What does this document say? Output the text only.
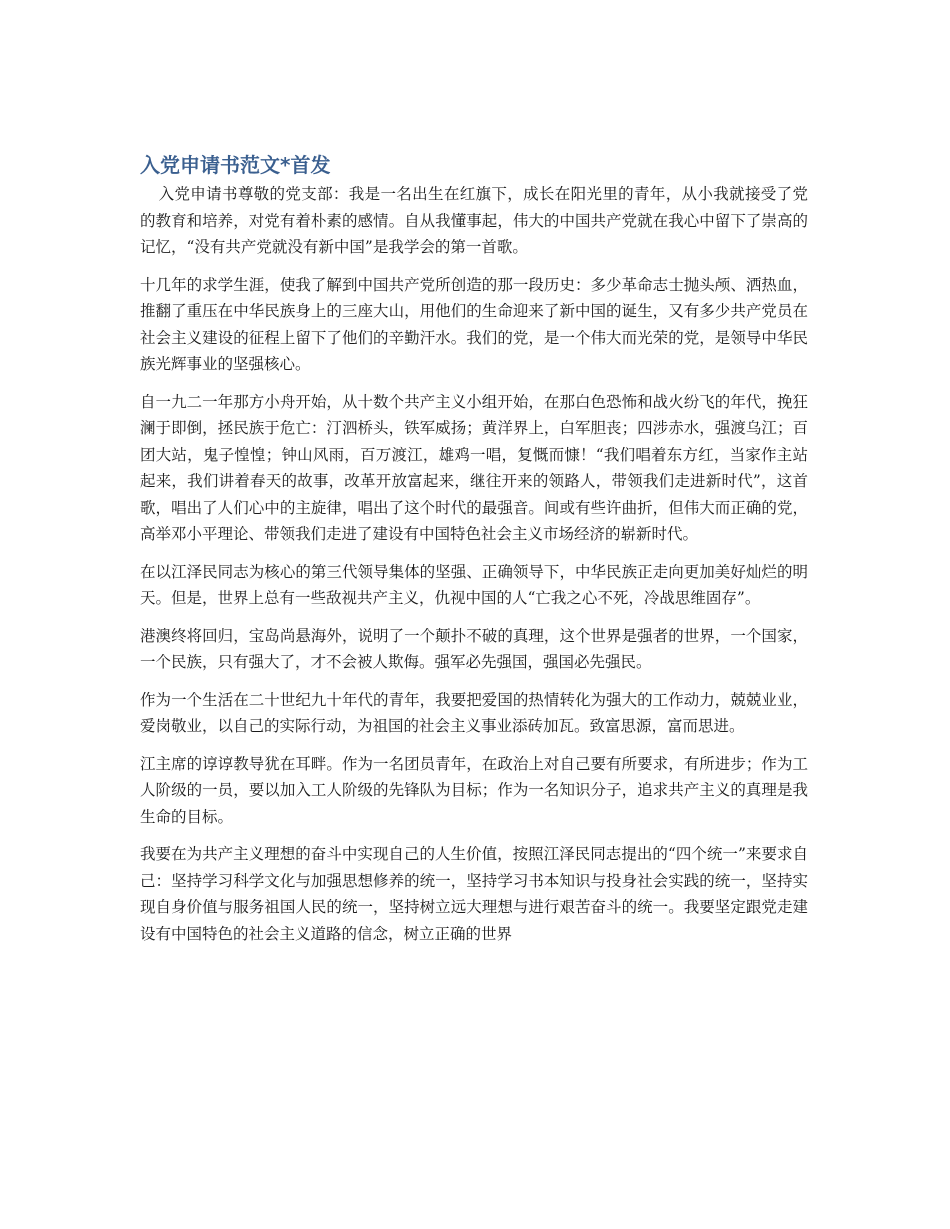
入党申请书范文*首发

入党申请书尊敬的党支部：我是一名出生在红旗下，成长在阳光里的青年，从小我就接受了党的教育和培养，对党有着朴素的感情。自从我懂事起，伟大的中国共产党就在我心中留下了崇高的记忆，“没有共产党就没有新中国”是我学会的第一首歌。

十几年的求学生涯，使我了解到中国共产党所创造的那一段历史：多少革命志士抛头颅、洒热血，推翻了重压在中华民族身上的三座大山，用他们的生命迎来了新中国的诞生，又有多少共产党员在社会主义建设的征程上留下了他们的辛勤汗水。我们的党，是一个伟大而光荣的党，是领导中华民族光辉事业的坚强核心。

自一九二一年那方小舟开始，从十数个共产主义小组开始，在那白色恐怖和战火纷飞的年代，挽狂澜于即倒，拯民族于危亡：汀泗桥头，铁军威扬；黄洋界上，白军胆丧；四涉赤水，强渡乌江；百团大站，鬼子惶惶；钟山风雨，百万渡江，雄鸡一唱，复慨而慷！“我们唱着东方红，当家作主站起来，我们讲着春天的故事，改革开放富起来，继往开来的领路人，带领我们走进新时代”，这首歌，唱出了人们心中的主旋律，唱出了这个时代的最强音。间或有些许曲折，但伟大而正确的党，高举邓小平理论、带领我们走进了建设有中国特色社会主义市场经济的崭新时代。

在以江泽民同志为核心的第三代领导集体的坚强、正确领导下，中华民族正走向更加美好灿烂的明天。但是，世界上总有一些敌视共产主义，仇视中国的人“亡我之心不死，冷战思维固存”。

港澳终将回归，宝岛尚悬海外，说明了一个颠扑不破的真理，这个世界是强者的世界，一个国家，一个民族，只有强大了，才不会被人欺侮。强军必先强国，强国必先强民。

作为一个生活在二十世纪九十年代的青年，我要把爱国的热情转化为强大的工作动力，兢兢业业，爱岗敬业，以自己的实际行动，为祖国的社会主义事业添砖加瓦。致富思源，富而思进。

江主席的谆谆教导犹在耳畔。作为一名团员青年，在政治上对自己要有所要求，有所进步；作为工人阶级的一员，要以加入工人阶级的先锋队为目标；作为一名知识分子，追求共产主义的真理是我生命的目标。

我要在为共产主义理想的奋斗中实现自己的人生价值，按照江泽民同志提出的“四个统一”来要求自己：坚持学习科学文化与加强思想修养的统一，坚持学习书本知识与投身社会实践的统一，坚持实现自身价值与服务祖国人民的统一，坚持树立远大理想与进行艰苦奋斗的统一。我要坚定跟党走建设有中国特色的社会主义道路的信念，树立正确的世界
